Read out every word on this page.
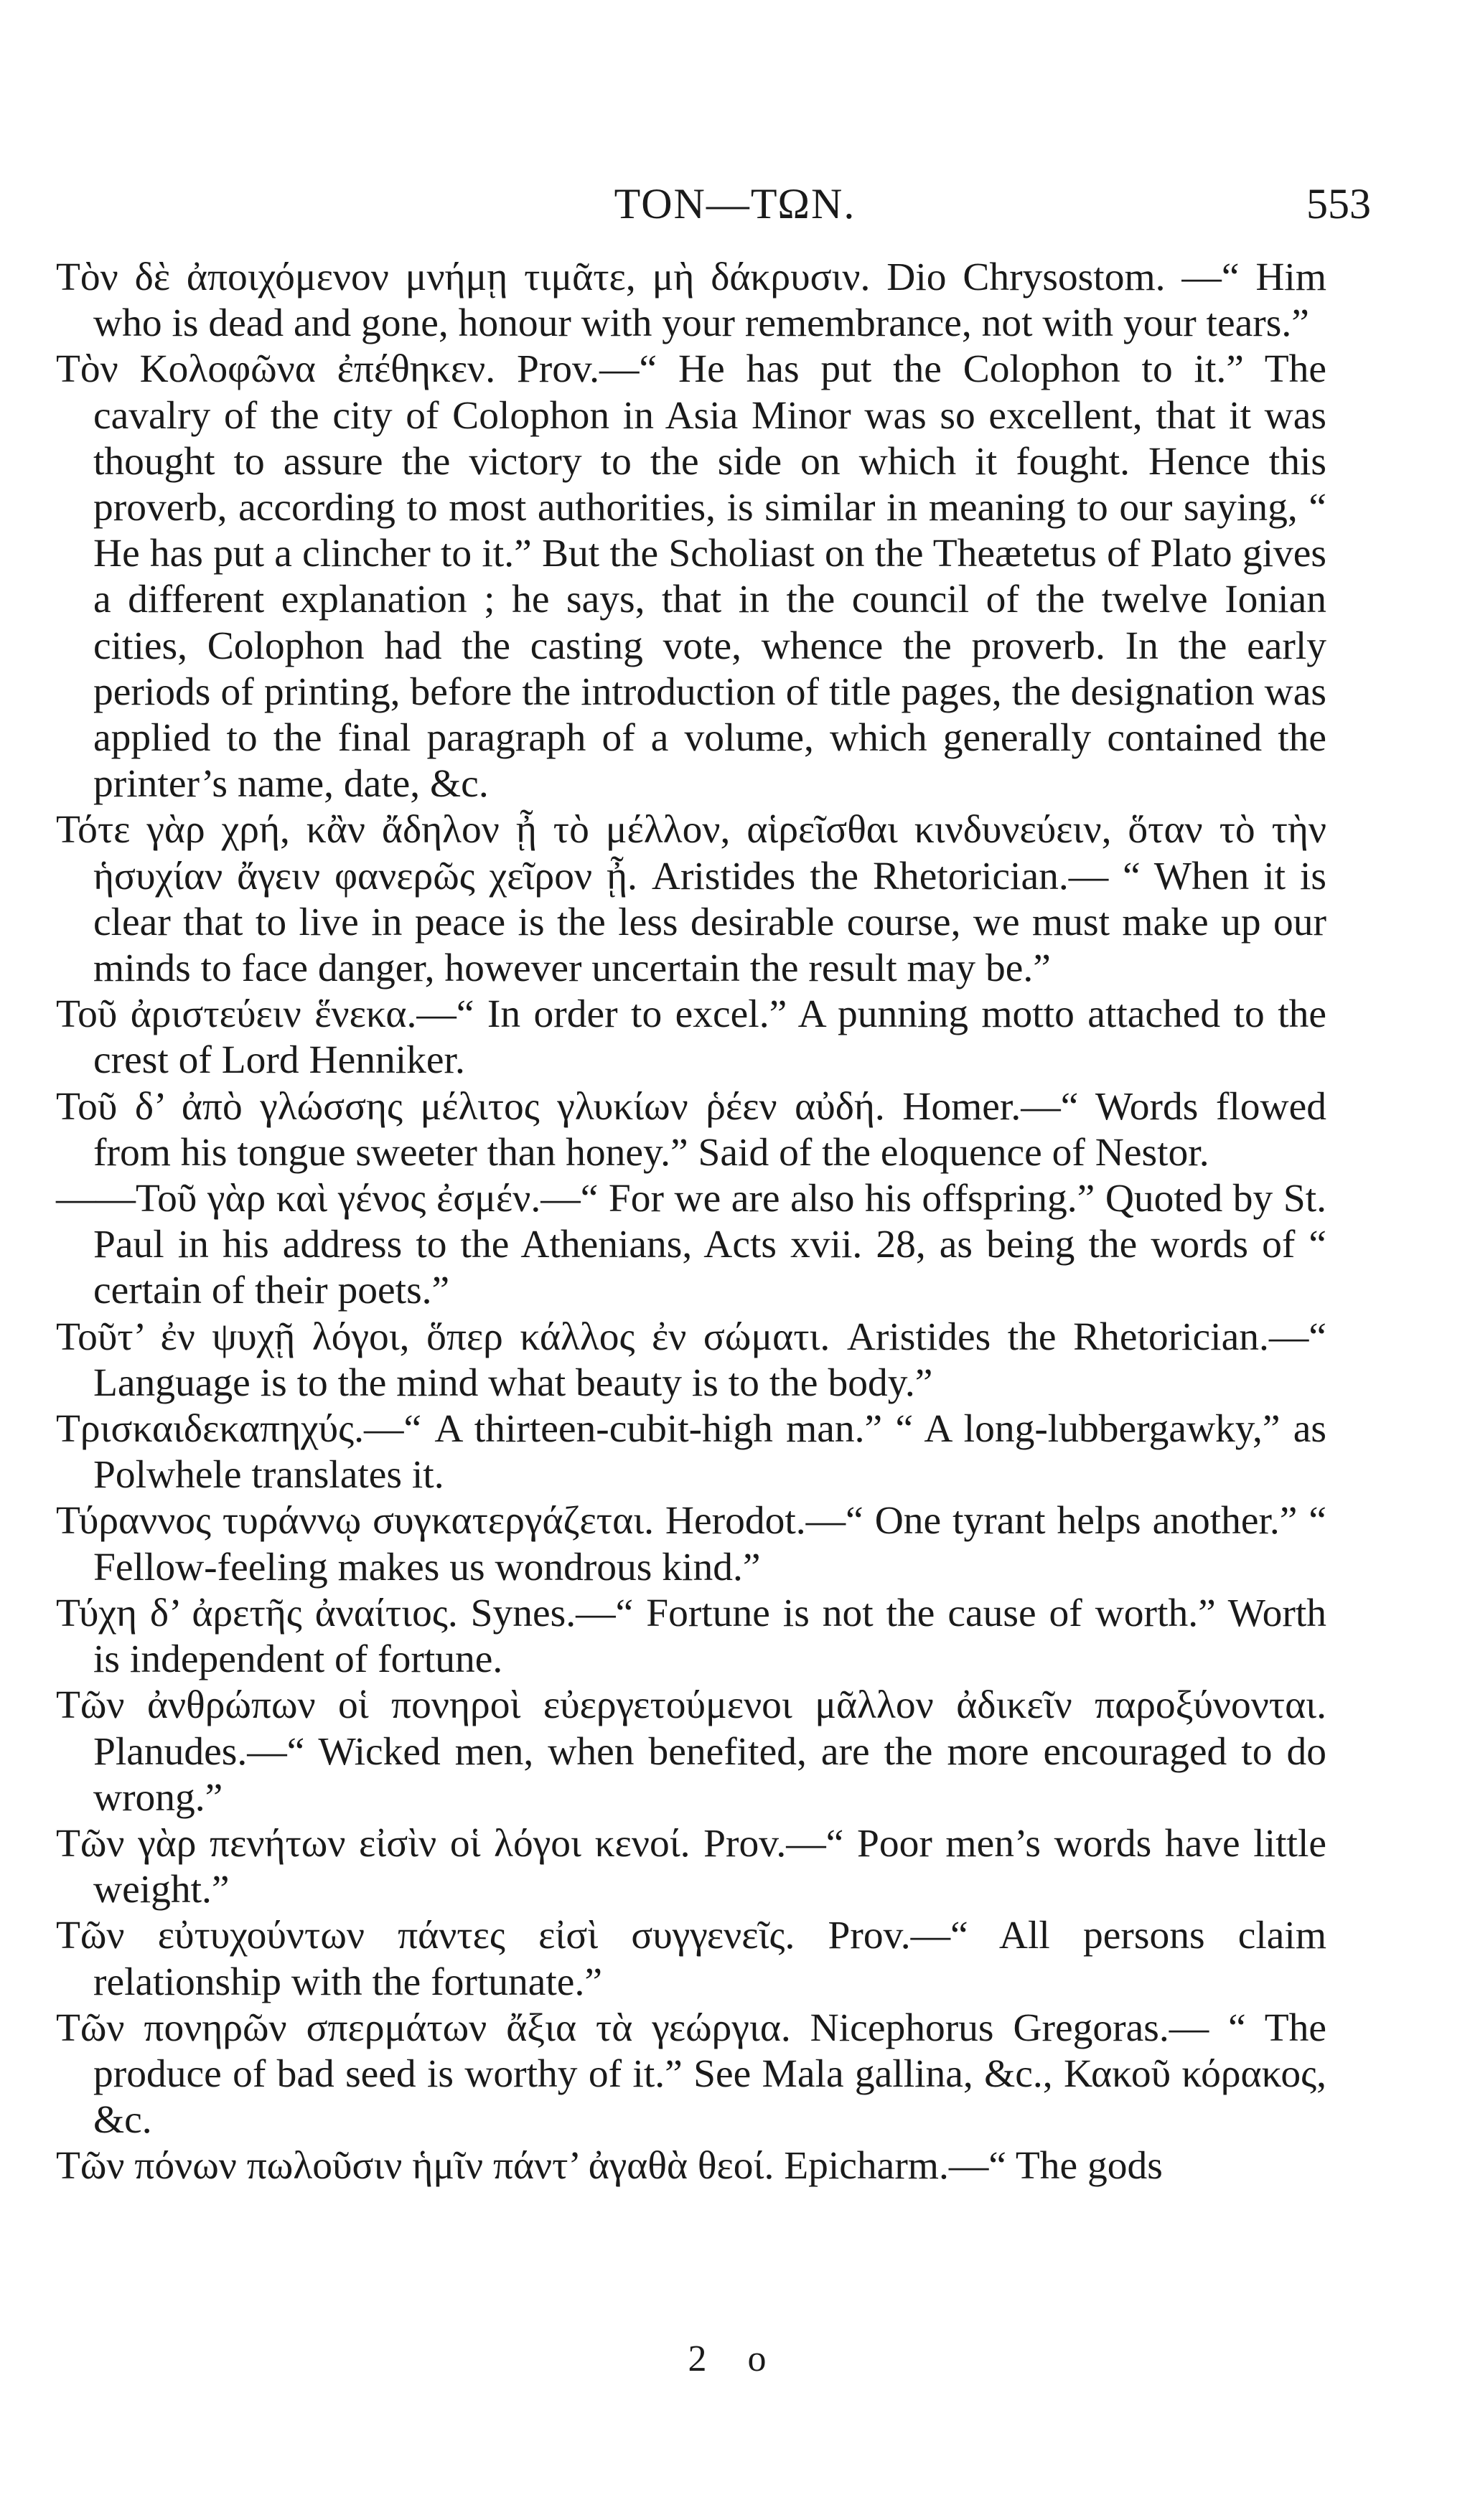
TON—ΤΩΝ.	553

Τὸν δὲ ἀποιχόμενον μνήμῃ τιμᾶτε, μὴ δάκρυσιν. Dio Chrysostom. —“ Him who is dead and gone, honour with your remembrance, not with your tears.”

Τὸν Κολοφῶνα ἐπέθηκεν. Prov.—“ He has put the Colophon to it.” The cavalry of the city of Colophon in Asia Minor was so excellent, that it was thought to assure the victory to the side on which it fought. Hence this proverb, according to most authorities, is similar in meaning to our saying, “ He has put a clincher to it.” But the Scholiast on the Theætetus of Plato gives a different explanation ; he says, that in the council of the twelve Ionian cities, Colophon had the casting vote, whence the proverb. In the early periods of printing, before the introduction of title pages, the designation was applied to the final paragraph of a volume, which generally contained the printer’s name, date, &c.

Τότε γὰρ χρή, κἂν ἄδηλον ᾖ τὸ μέλλον, αἱρεῖσθαι κινδυνεύειν, ὅταν τὸ τὴν ἡσυχίαν ἄγειν φανερῶς χεῖρον ᾖ. Aristides the Rhetorician.— “ When it is clear that to live in peace is the less desirable course, we must make up our minds to face danger, however uncertain the result may be.”

Τοῦ ἀριστεύειν ἕνεκα.—“ In order to excel.” A punning motto attached to the crest of Lord Henniker.

Τοῦ δ’ ἀπὸ γλώσσης μέλιτος γλυκίων ῥέεν αὐδή. Homer.—“ Words flowed from his tongue sweeter than honey.” Said of the eloquence of Nestor.

——Τοῦ γὰρ καὶ γένος ἐσμέν.—“ For we are also his offspring.” Quoted by St. Paul in his address to the Athenians, Acts xvii. 28, as being the words of “ certain of their poets.”

Τοῦτ’ ἐν ψυχῇ λόγοι, ὅπερ κάλλος ἐν σώματι. Aristides the Rhetorician.—“ Language is to the mind what beauty is to the body.”

Τρισκαιδεκαπηχύς.—“ A thirteen-cubit-high man.” “ A long-lubbergawky,” as Polwhele translates it.

Τύραννος τυράννῳ συγκατεργάζεται. Herodot.—“ One tyrant helps another.” “ Fellow-feeling makes us wondrous kind.”

Τύχη δ’ ἀρετῆς ἀναίτιος. Synes.—“ Fortune is not the cause of worth.” Worth is independent of fortune.

Τῶν ἀνθρώπων οἱ πονηροὶ εὐεργετούμενοι μᾶλλον ἀδικεῖν παροξύνονται. Planudes.—“ Wicked men, when benefited, are the more encouraged to do wrong.”

Τῶν γὰρ πενήτων εἰσὶν οἱ λόγοι κενοί. Prov.—“ Poor men’s words have little weight.”

Τῶν εὐτυχούντων πάντες εἰσὶ συγγενεῖς. Prov.—“ All persons claim relationship with the fortunate.”

Τῶν πονηρῶν σπερμάτων ἄξια τὰ γεώργια. Nicephorus Gregoras.— “ The produce of bad seed is worthy of it.” See Mala gallina, &c., Κακοῦ κόρακος, &c.

Τῶν πόνων πωλοῦσιν ἡμῖν πάντ’ ἀγαθὰ θεοί. Epicharm.—“ The gods

2 o
